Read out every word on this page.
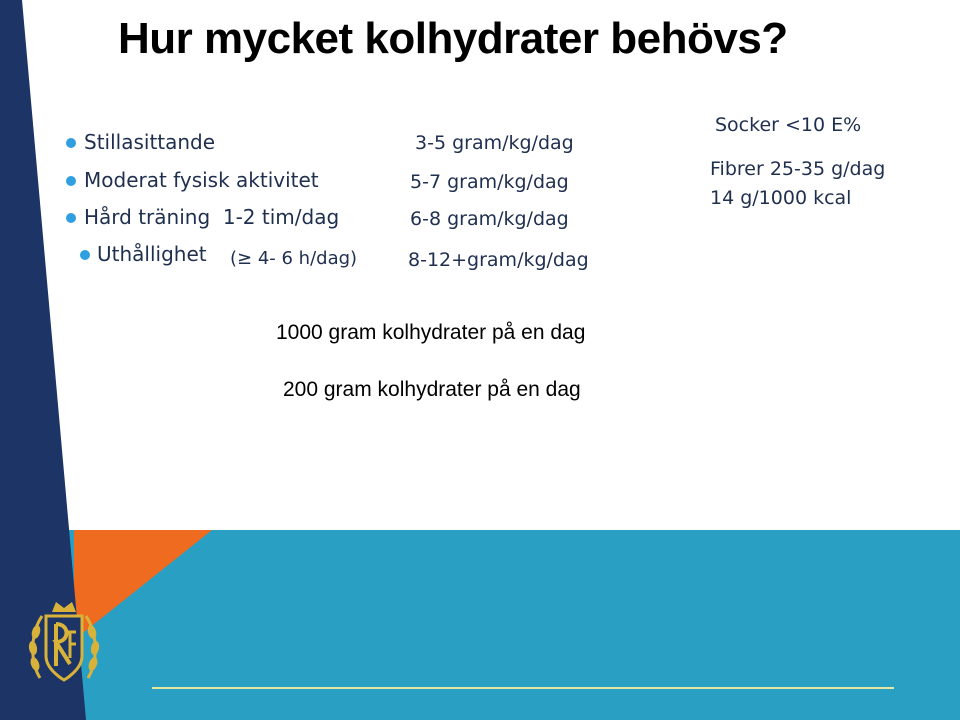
Hur mycket kolhydrater behövs?
Stillasittande
Moderat fysisk aktivitet
Hård träning  1-2 tim/dag
Uthållighet (≥ 4- 6 h/dag)
3-5 gram/kg/dag
5-7 gram/kg/dag
6-8 gram/kg/dag
8-12+gram/kg/dag
Socker <10 E%
Fibrer 25-35 g/dag
14 g/1000 kcal
1000 gram kolhydrater på en dag
200 gram kolhydrater på en dag
